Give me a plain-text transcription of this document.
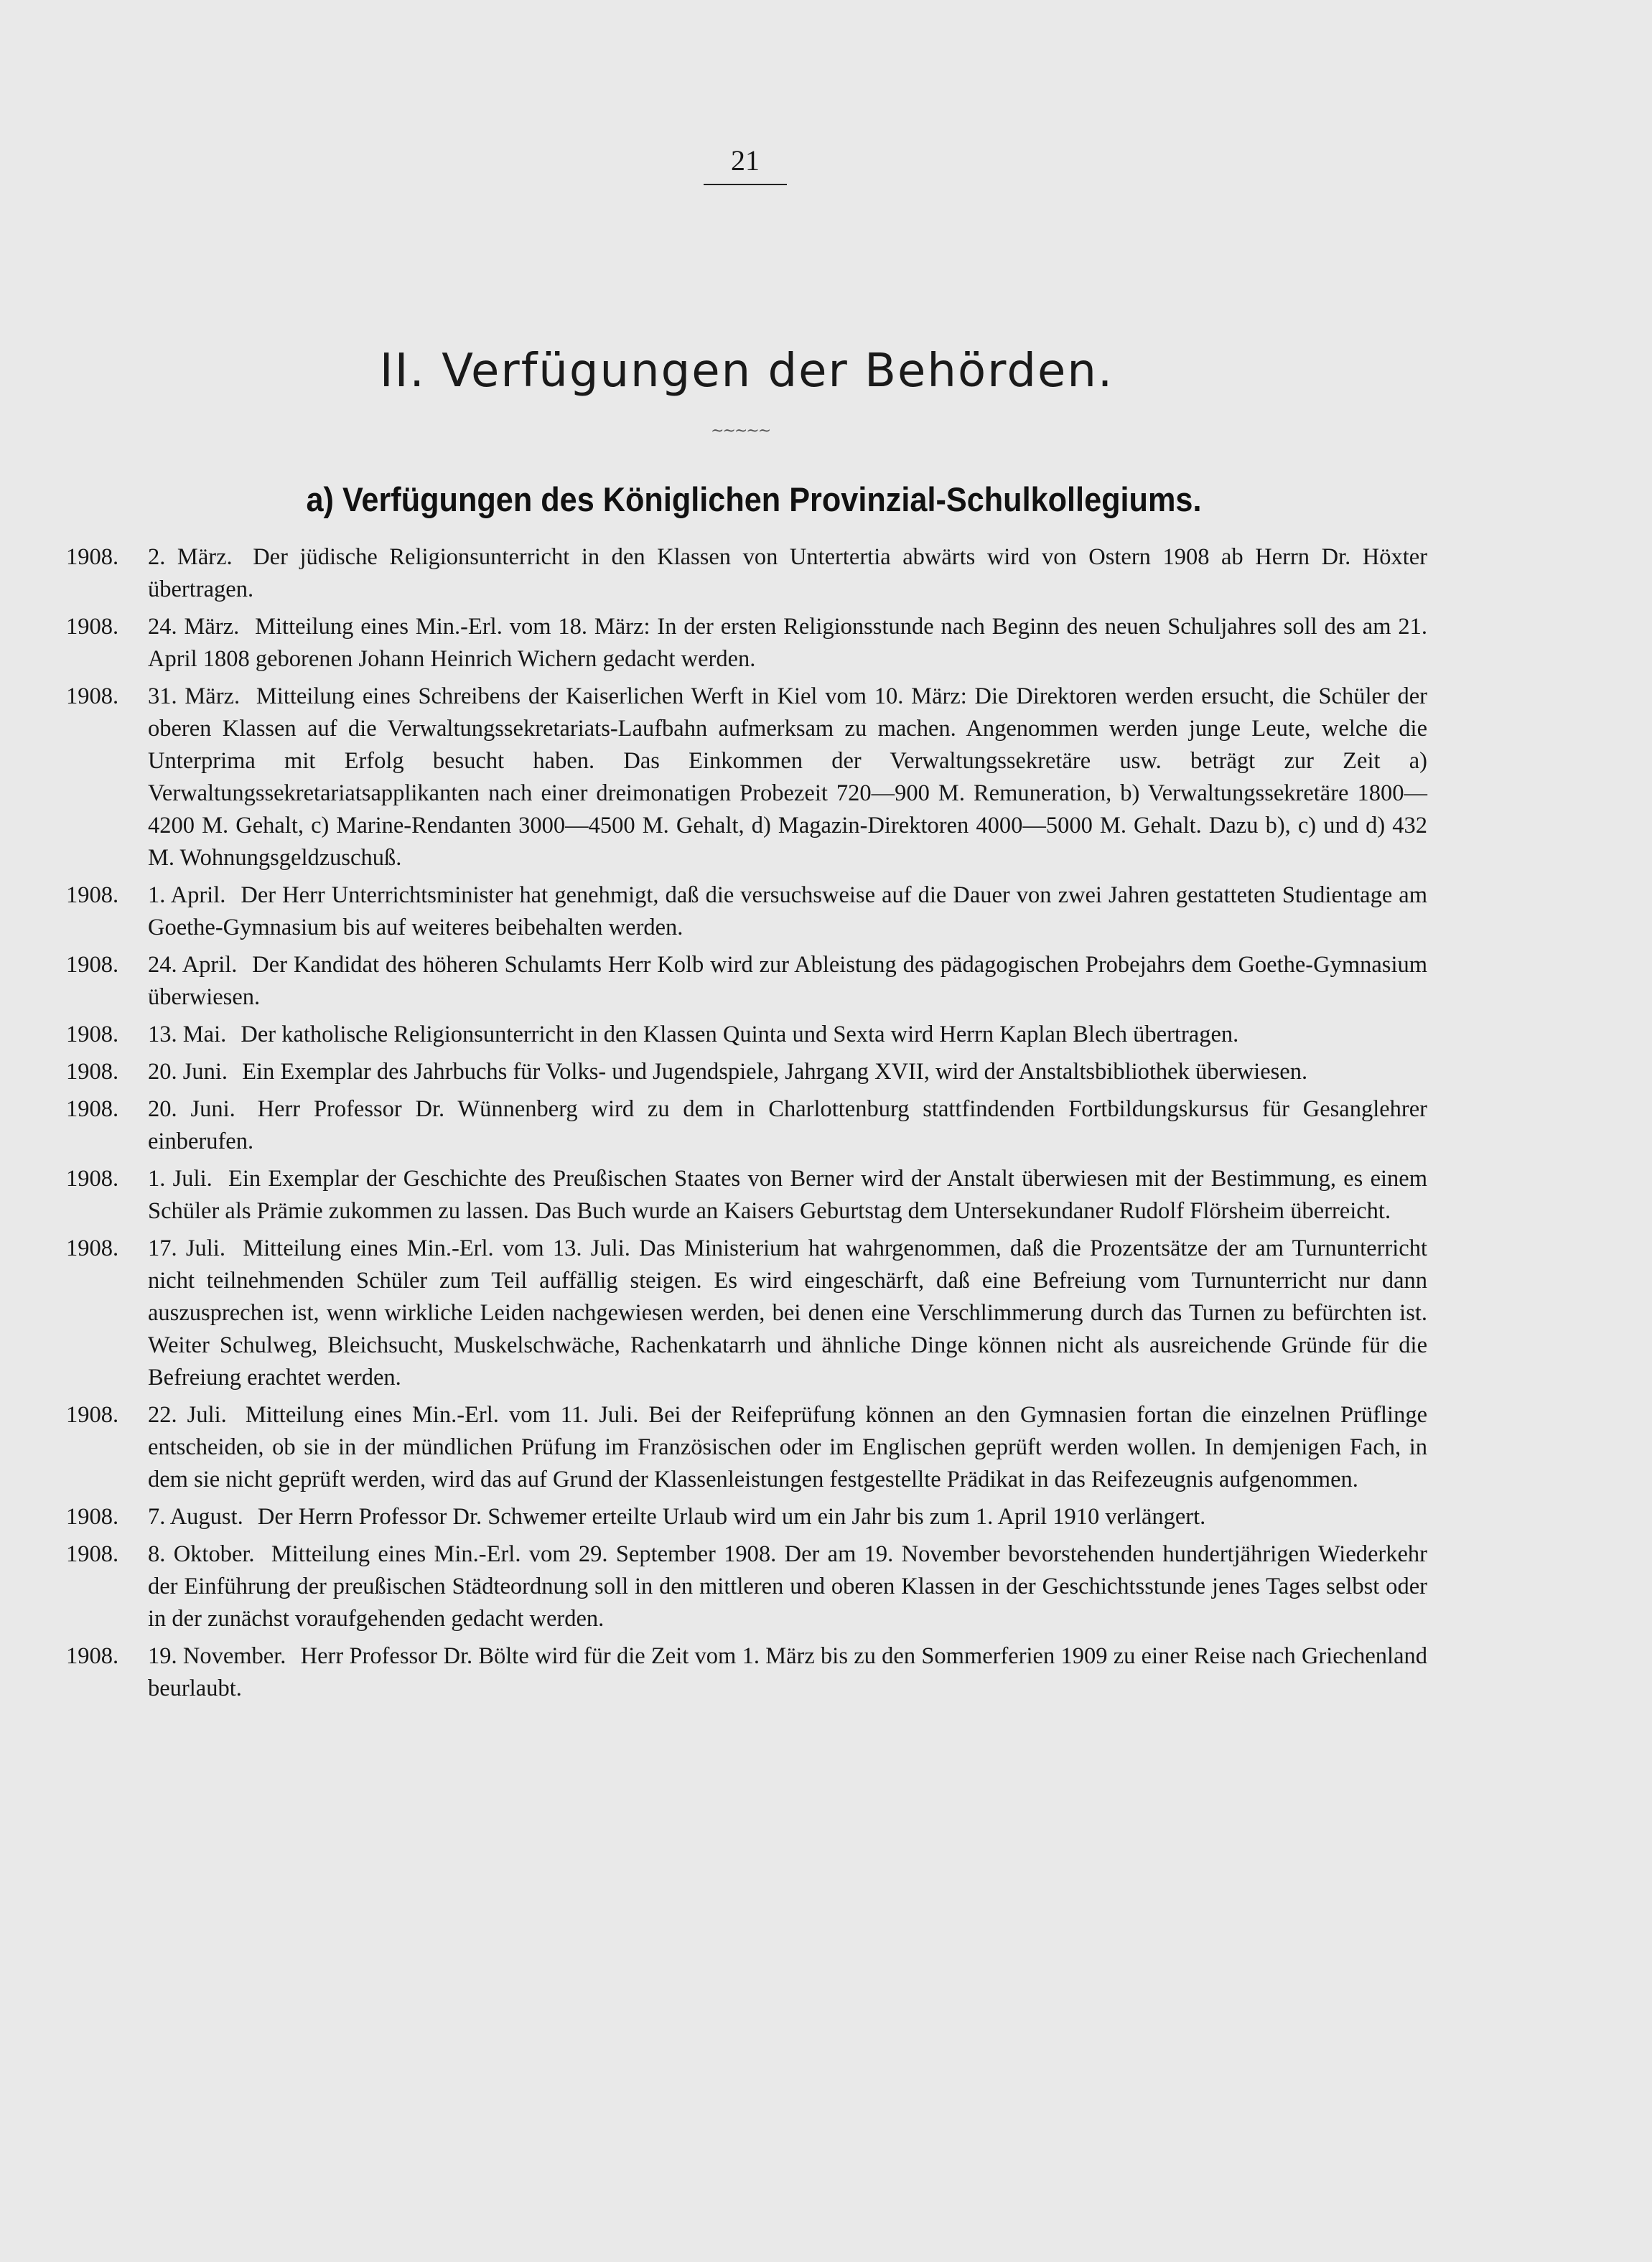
21
II. Verfügungen der Behörden.
~~~~~
a) Verfügungen des Königlichen Provinzial-Schulkollegiums.
1908.	2. März. Der jüdische Religionsunterricht in den Klassen von Untertertia abwärts wird von Ostern 1908 ab Herrn Dr. Höxter übertragen.
1908.	24. März. Mitteilung eines Min.-Erl. vom 18. März: In der ersten Religionsstunde nach Beginn des neuen Schuljahres soll des am 21. April 1808 geborenen Johann Heinrich Wichern gedacht werden.
1908.	31. März. Mitteilung eines Schreibens der Kaiserlichen Werft in Kiel vom 10. März: Die Direktoren werden ersucht, die Schüler der oberen Klassen auf die Verwaltungssekretariats-Laufbahn aufmerksam zu machen. Angenommen werden junge Leute, welche die Unterprima mit Erfolg besucht haben. Das Einkommen der Verwaltungssekretäre usw. beträgt zur Zeit a) Verwaltungssekretariatsapplikanten nach einer dreimonatigen Probezeit 720—900 M. Remuneration, b) Verwaltungssekretäre 1800—4200 M. Gehalt, c) Marine-Rendanten 3000—4500 M. Gehalt, d) Magazin-Direktoren 4000—5000 M. Gehalt. Dazu b), c) und d) 432 M. Wohnungsgeldzuschuß.
1908.	1. April. Der Herr Unterrichtsminister hat genehmigt, daß die versuchsweise auf die Dauer von zwei Jahren gestatteten Studientage am Goethe-Gymnasium bis auf weiteres beibehalten werden.
1908.	24. April. Der Kandidat des höheren Schulamts Herr Kolb wird zur Ableistung des pädagogischen Probejahrs dem Goethe-Gymnasium überwiesen.
1908.	13. Mai. Der katholische Religionsunterricht in den Klassen Quinta und Sexta wird Herrn Kaplan Blech übertragen.
1908.	20. Juni. Ein Exemplar des Jahrbuchs für Volks- und Jugendspiele, Jahrgang XVII, wird der Anstaltsbibliothek überwiesen.
1908.	20. Juni. Herr Professor Dr. Wünnenberg wird zu dem in Charlottenburg stattfindenden Fortbildungskursus für Gesanglehrer einberufen.
1908.	1. Juli. Ein Exemplar der Geschichte des Preußischen Staates von Berner wird der Anstalt überwiesen mit der Bestimmung, es einem Schüler als Prämie zukommen zu lassen. Das Buch wurde an Kaisers Geburtstag dem Untersekundaner Rudolf Flörsheim überreicht.
1908.	17. Juli. Mitteilung eines Min.-Erl. vom 13. Juli. Das Ministerium hat wahrgenommen, daß die Prozentsätze der am Turnunterricht nicht teilnehmenden Schüler zum Teil auffällig steigen. Es wird eingeschärft, daß eine Befreiung vom Turnunterricht nur dann auszusprechen ist, wenn wirkliche Leiden nachgewiesen werden, bei denen eine Verschlimmerung durch das Turnen zu befürchten ist. Weiter Schulweg, Bleichsucht, Muskelschwäche, Rachenkatarrh und ähnliche Dinge können nicht als ausreichende Gründe für die Befreiung erachtet werden.
1908.	22. Juli. Mitteilung eines Min.-Erl. vom 11. Juli. Bei der Reifeprüfung können an den Gymnasien fortan die einzelnen Prüflinge entscheiden, ob sie in der mündlichen Prüfung im Französischen oder im Englischen geprüft werden wollen. In demjenigen Fach, in dem sie nicht geprüft werden, wird das auf Grund der Klassenleistungen festgestellte Prädikat in das Reifezeugnis aufgenommen.
1908.	7. August. Der Herrn Professor Dr. Schwemer erteilte Urlaub wird um ein Jahr bis zum 1. April 1910 verlängert.
1908.	8. Oktober. Mitteilung eines Min.-Erl. vom 29. September 1908. Der am 19. November bevorstehenden hundertjährigen Wiederkehr der Einführung der preußischen Städteordnung soll in den mittleren und oberen Klassen in der Geschichtsstunde jenes Tages selbst oder in der zunächst voraufgehenden gedacht werden.
1908.	19. November. Herr Professor Dr. Bölte wird für die Zeit vom 1. März bis zu den Sommerferien 1909 zu einer Reise nach Griechenland beurlaubt.
